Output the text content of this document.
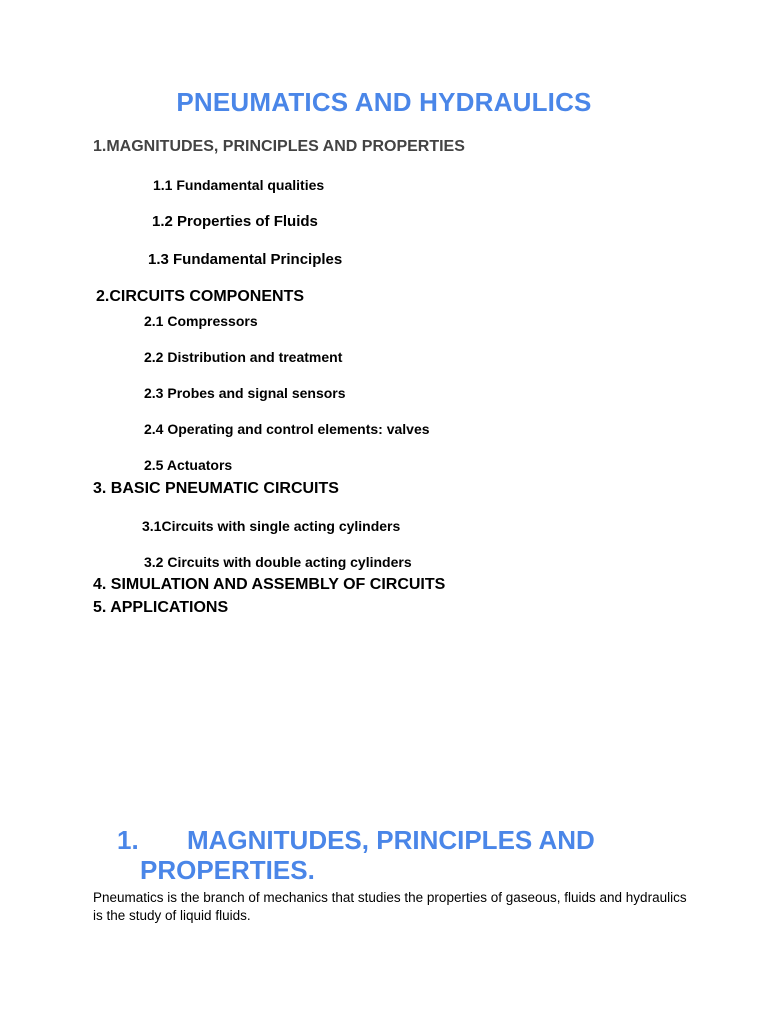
PNEUMATICS AND HYDRAULICS
1.MAGNITUDES, PRINCIPLES AND PROPERTIES
1.1 Fundamental qualities
1.2 Properties of Fluids
1.3 Fundamental Principles
2.CIRCUITS COMPONENTS
2.1 Compressors
2.2 Distribution and treatment
2.3 Probes and signal sensors
2.4 Operating and control elements: valves
2.5 Actuators
3. BASIC PNEUMATIC CIRCUITS
3.1Circuits with single acting cylinders
3.2 Circuits with double acting cylinders
4. SIMULATION AND ASSEMBLY OF CIRCUITS
5. APPLICATIONS
1. MAGNITUDES, PRINCIPLES AND
PROPERTIES.
Pneumatics is the branch of mechanics that studies the properties of gaseous, fluids and hydraulics is the study of liquid fluids.
